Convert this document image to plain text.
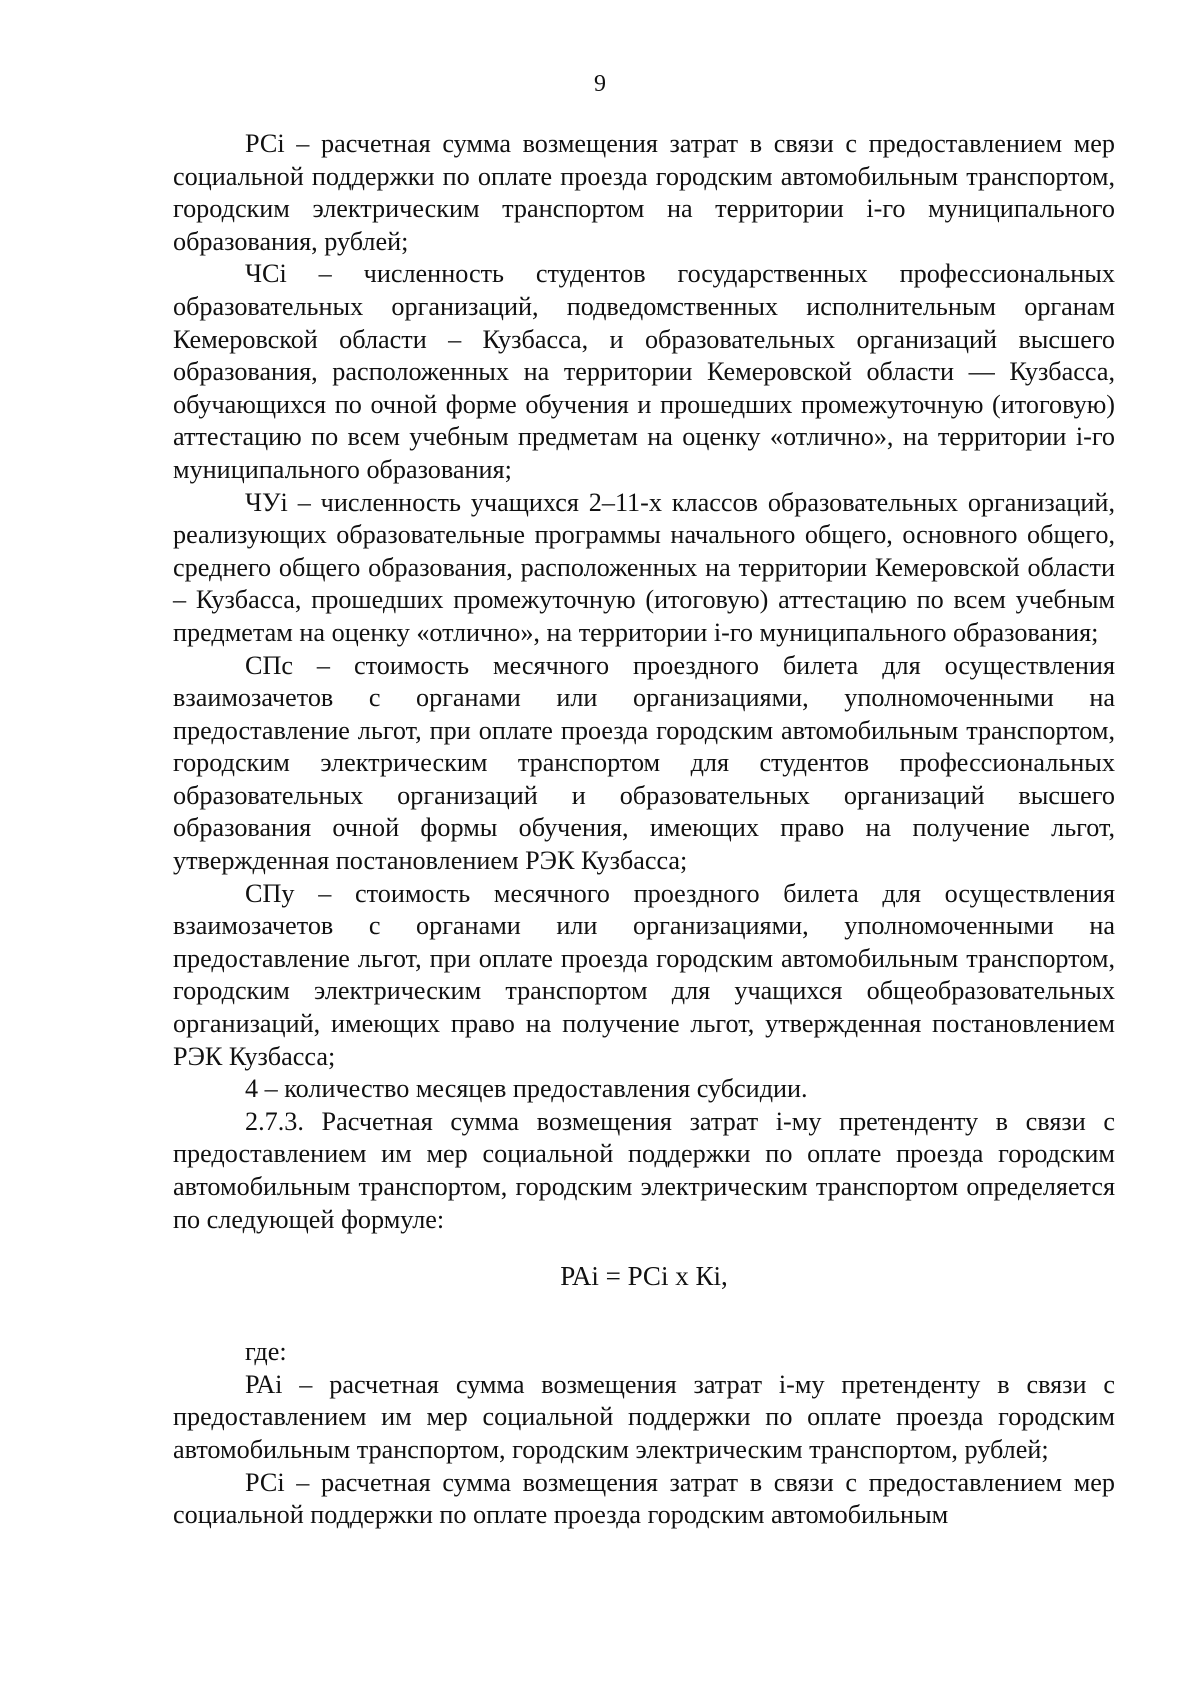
9

РСi – расчетная сумма возмещения затрат в связи с предоставлением мер социальной поддержки по оплате проезда городским автомобильным транспортом, городским электрическим транспортом на территории i-го муниципального образования, рублей;

ЧСi – численность студентов государственных профессиональных образовательных организаций, подведомственных исполнительным органам Кемеровской области – Кузбасса, и образовательных организаций высшего образования, расположенных на территории Кемеровской области — Кузбасса, обучающихся по очной форме обучения и прошедших промежуточную (итоговую) аттестацию по всем учебным предметам на оценку «отлично», на территории i-го муниципального образования;

ЧУi – численность учащихся 2–11-х классов образовательных организаций, реализующих образовательные программы начального общего, основного общего, среднего общего образования, расположенных на территории Кемеровской области – Кузбасса, прошедших промежуточную (итоговую) аттестацию по всем учебным предметам на оценку «отлично», на территории i-го муниципального образования;

СПс – стоимость месячного проездного билета для осуществления взаимозачетов с органами или организациями, уполномоченными на предоставление льгот, при оплате проезда городским автомобильным транспортом, городским электрическим транспортом для студентов профессиональных образовательных организаций и образовательных организаций высшего образования очной формы обучения, имеющих право на получение льгот, утвержденная постановлением РЭК Кузбасса;

СПу – стоимость месячного проездного билета для осуществления взаимозачетов с органами или организациями, уполномоченными на предоставление льгот, при оплате проезда городским автомобильным транспортом, городским электрическим транспортом для учащихся общеобразовательных организаций, имеющих право на получение льгот, утвержденная постановлением РЭК Кузбасса;

4 – количество месяцев предоставления субсидии.

2.7.3. Расчетная сумма возмещения затрат i-му претенденту в связи с предоставлением им мер социальной поддержки по оплате проезда городским автомобильным транспортом, городским электрическим транспортом определяется по следующей формуле:

РАi = РСi х Кi,

где:

РАi – расчетная сумма возмещения затрат i-му претенденту в связи с предоставлением им мер социальной поддержки по оплате проезда городским автомобильным транспортом, городским электрическим транспортом, рублей;

РСi – расчетная сумма возмещения затрат в связи с предоставлением мер социальной поддержки по оплате проезда городским автомобильным
